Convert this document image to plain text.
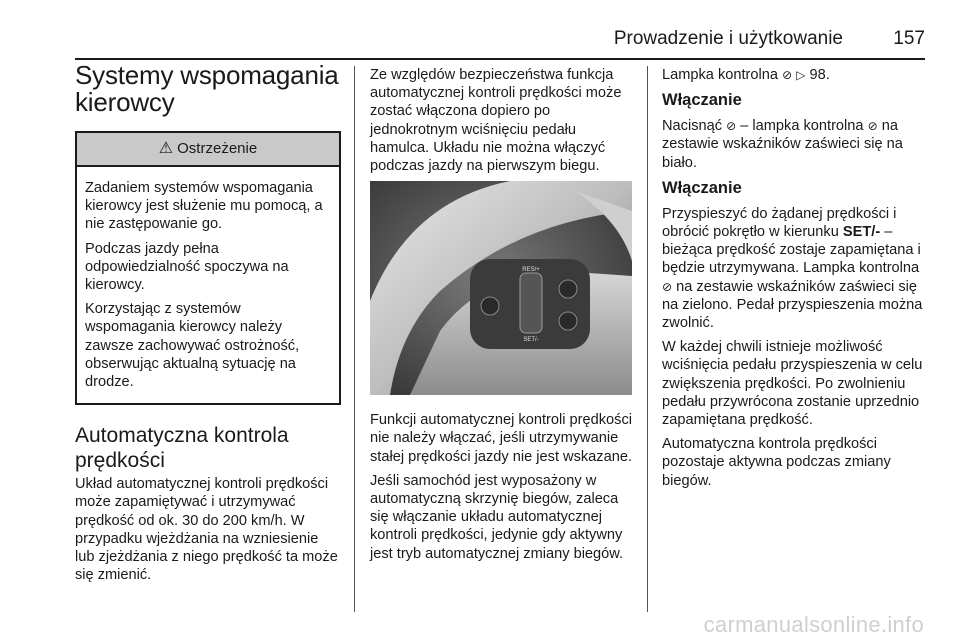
Prowadzenie i użytkowanie	157
Systemy wspomagania kierowcy
⚠ Ostrzeżenie

Zadaniem systemów wspomagania kierowcy jest służenie mu pomocą, a nie zastępowanie go.

Podczas jazdy pełna odpowiedzialność spoczywa na kierowcy.

Korzystając z systemów wspomagania kierowcy należy zawsze zachowywać ostrożność, obserwując aktualną sytuację na drodze.

Automatyczna kontrola prędkości

Układ automatycznej kontroli prędkości może zapamiętywać i utrzymywać prędkość od ok. 30 do 200 km/h. W przypadku wjeżdżania na wzniesienie lub zjeżdżania z niego prędkość ta może się zmienić.

Ze względów bezpieczeństwa funkcja automatycznej kontroli prędkości może zostać włączona dopiero po jednokrotnym wciśnięciu pedału hamulca. Układu nie można włączyć podczas jazdy na pierwszym biegu.

RES/+
SET/-

Funkcji automatycznej kontroli prędkości nie należy włączać, jeśli utrzymywanie stałej prędkości jazdy nie jest wskazane.

Jeśli samochód jest wyposażony w automatyczną skrzynię biegów, zaleca się włączanie układu automatycznej kontroli prędkości, jedynie gdy aktywny jest tryb automatycznej zmiany biegów.

Lampka kontrolna ⊘ ▷ 98.

Włączanie

Nacisnąć ⊘ – lampka kontrolna ⊘ na zestawie wskaźników zaświeci się na biało.

Włączanie

Przyspieszyć do żądanej prędkości i obrócić pokrętło w kierunku SET/- – bieżąca prędkość zostaje zapamiętana i będzie utrzymywana. Lampka kontrolna ⊘ na zestawie wskaźników zaświeci się na zielono. Pedał przyspieszenia można zwolnić.

W każdej chwili istnieje możliwość wciśnięcia pedału przyspieszenia w celu zwiększenia prędkości. Po zwolnieniu pedału przywrócona zostanie uprzednio zapamiętana prędkość.

Automatyczna kontrola prędkości pozostaje aktywna podczas zmiany biegów.

carmanualsonline.info
